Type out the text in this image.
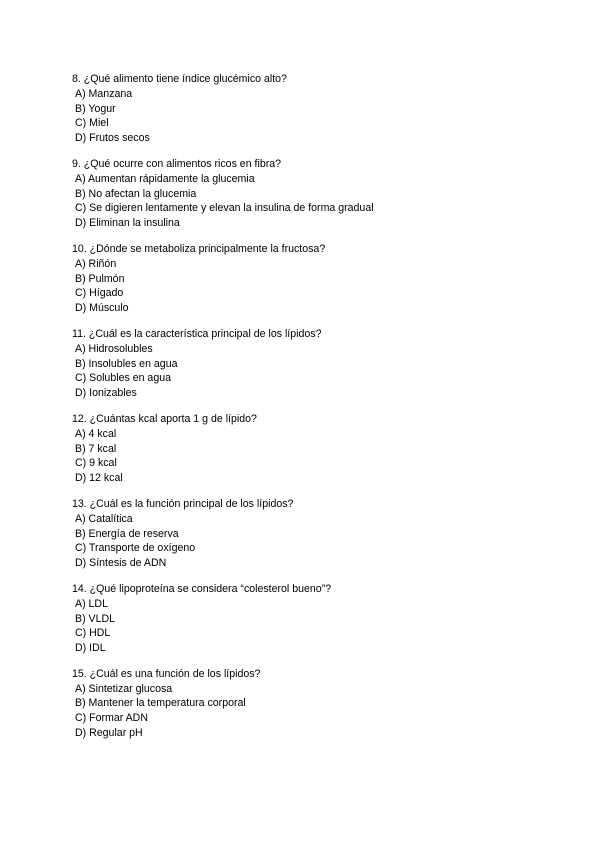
8. ¿Qué alimento tiene índice glucémico alto?
A) Manzana
B) Yogur
C) Miel
D) Frutos secos
9. ¿Qué ocurre con alimentos ricos en fibra?
A) Aumentan rápidamente la glucemia
B) No afectan la glucemia
C) Se digieren lentamente y elevan la insulina de forma gradual
D) Eliminan la insulina
10. ¿Dónde se metaboliza principalmente la fructosa?
A) Riñón
B) Pulmón
C) Hígado
D) Músculo
11. ¿Cuál es la característica principal de los lípidos?
A) Hidrosolubles
B) Insolubles en agua
C) Solubles en agua
D) Ionizables
12. ¿Cuántas kcal aporta 1 g de lípido?
A) 4 kcal
B) 7 kcal
C) 9 kcal
D) 12 kcal
13. ¿Cuál es la función principal de los lípidos?
A) Catalítica
B) Energía de reserva
C) Transporte de oxígeno
D) Síntesis de ADN
14. ¿Qué lipoproteína se considera “colesterol bueno”?
A) LDL
B) VLDL
C) HDL
D) IDL
15. ¿Cuál es una función de los lípidos?
A) Sintetizar glucosa
B) Mantener la temperatura corporal
C) Formar ADN
D) Regular pH
